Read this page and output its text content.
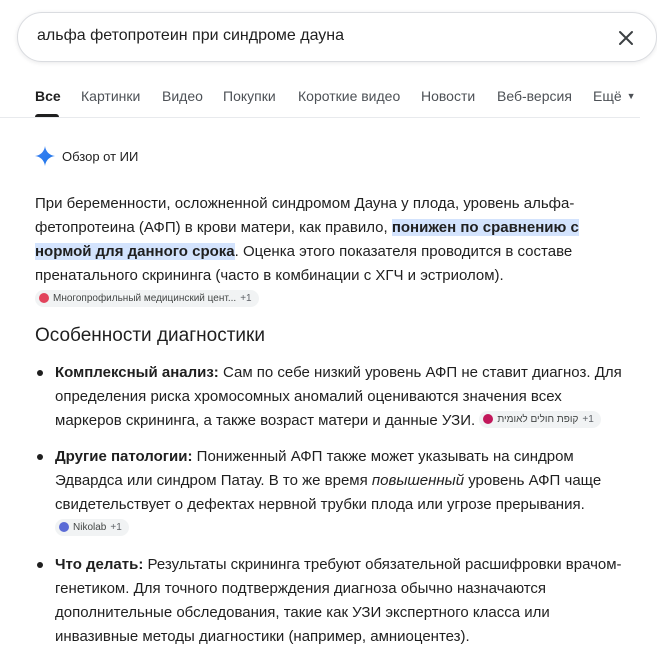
альфа фетопротеин при синдроме дауна
Все Картинки Видео Покупки Короткие видео Новости Веб-версия Ещё ▼
Обзор от ИИ

При беременности, осложненной синдромом Дауна у плода, уровень альфа-фетопротеина (АФП) в крови матери, как правило, понижен по сравнению с нормой для данного срока. Оценка этого показателя проводится в составе пренатального скрининга (часто в комбинации с ХГЧ и эстриолом).
Многопрофильный медицинский цент... +1

Особенности диагностики
Комплексный анализ: Сам по себе низкий уровень АФП не ставит диагноз. Для определения риска хромосомных аномалий оцениваются значения всех маркеров скрининга, а также возраст матери и данные УЗИ. קופת חולים לאומית +1
Другие патологии: Пониженный АФП также может указывать на синдром Эдвардса или синдром Патау. В то же время повышенный уровень АФП чаще свидетельствует о дефектах нервной трубки плода или угрозе прерывания.
Nikolab +1
Что делать: Результаты скрининга требуют обязательной расшифровки врачом-генетиком. Для точного подтверждения диагноза обычно назначаются дополнительные обследования, такие как УЗИ экспертного класса или инвазивные методы диагностики (например, амниоцентез).
